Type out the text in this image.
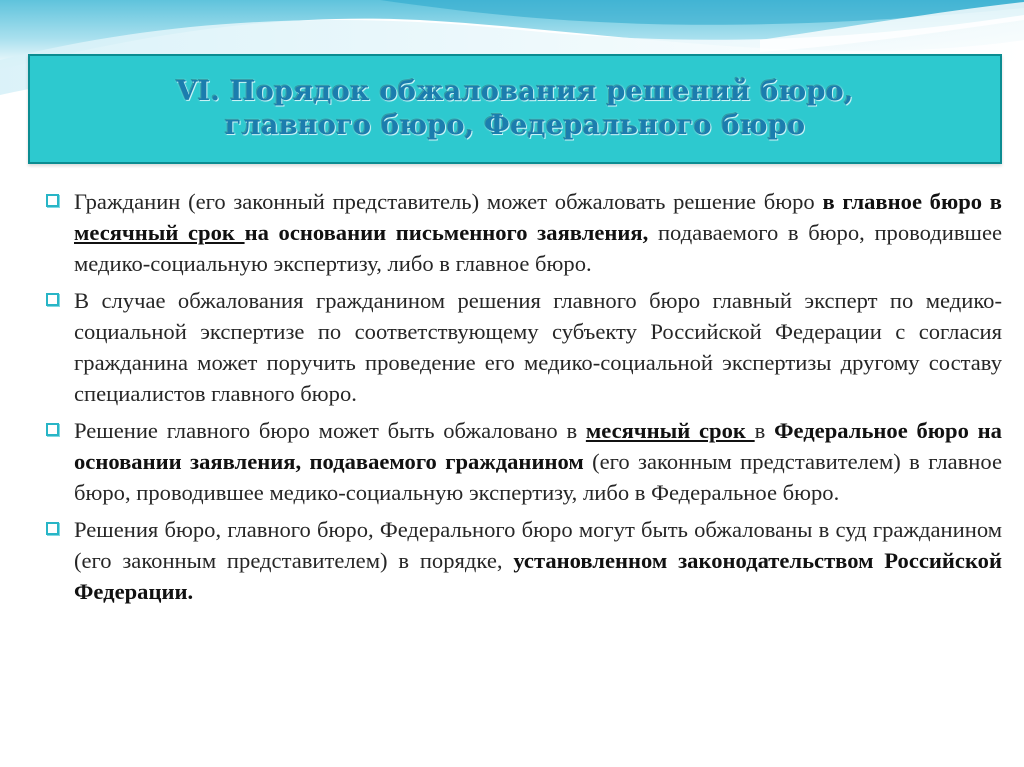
VI. Порядок обжалования решений бюро,
главного бюро, Федерального бюро
Гражданин (его законный представитель) может обжаловать решение бюро в главное бюро в месячный срок на основании письменного заявления, подаваемого в бюро, проводившее медико-социальную экспертизу, либо в главное бюро.
В случае обжалования гражданином решения главного бюро главный эксперт по медико-социальной экспертизе по соответствующему субъекту Российской Федерации с согласия гражданина может поручить проведение его медико-социальной экспертизы другому составу специалистов главного бюро.
Решение главного бюро может быть обжаловано в месячный срок в Федеральное бюро на основании заявления, подаваемого гражданином (его законным представителем) в главное бюро, проводившее медико-социальную экспертизу, либо в Федеральное бюро.
Решения бюро, главного бюро, Федерального бюро могут быть обжалованы в суд гражданином (его законным представителем) в порядке, установленном законодательством Российской Федерации.
